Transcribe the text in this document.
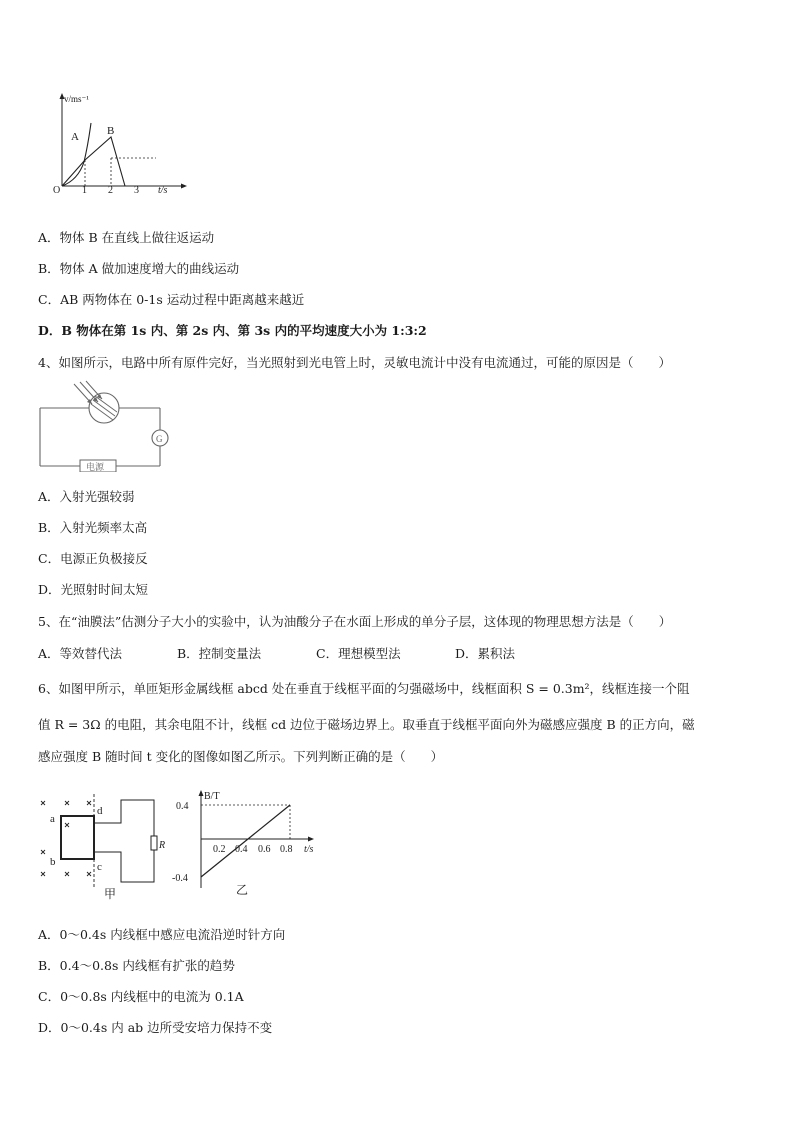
v/ms⁻¹
O 1 2 3 t/s
A	B
A．物体 B 在直线上做往返运动
B．物体 A 做加速度增大的曲线运动
C．AB 两物体在 0-1s 运动过程中距离越来越近
D．B 物体在第 1s 内、第 2s 内、第 3s 内的平均速度大小为 1:3:2
4、如图所示，电路中所有原件完好，当光照射到光电管上时，灵敏电流计中没有电流通过，可能的原因是（　　）
G
电源
A．入射光强较弱
B．入射光频率太高
C．电源正负极接反
D．光照射时间太短
5、在“油膜法”估测分子大小的实验中，认为油酸分子在水面上形成的单分子层，这体现的物理思想方法是（　　）
A．等效替代法	B．控制变量法	C．理想模型法	D．累积法
6、如图甲所示，单匝矩形金属线框 abcd 处在垂直于线框平面的匀强磁场中，线框面积 S = 0.3m²，线框连接一个阻
值 R = 3Ω 的电阻，其余电阻不计，线框 cd 边位于磁场边界上。取垂直于线框平面向外为磁感应强度 B 的正方向，磁
感应强度 B 随时间 t 变化的图像如图乙所示。下列判断正确的是（　　）
a
b	c
d
R
甲
B/T
0.4
-0.4
0.2 0.4 0.6 0.8 t/s
乙
A．0～0.4s 内线框中感应电流沿逆时针方向
B．0.4～0.8s 内线框有扩张的趋势
C．0～0.8s 内线框中的电流为 0.1A
D．0～0.4s 内 ab 边所受安培力保持不变
